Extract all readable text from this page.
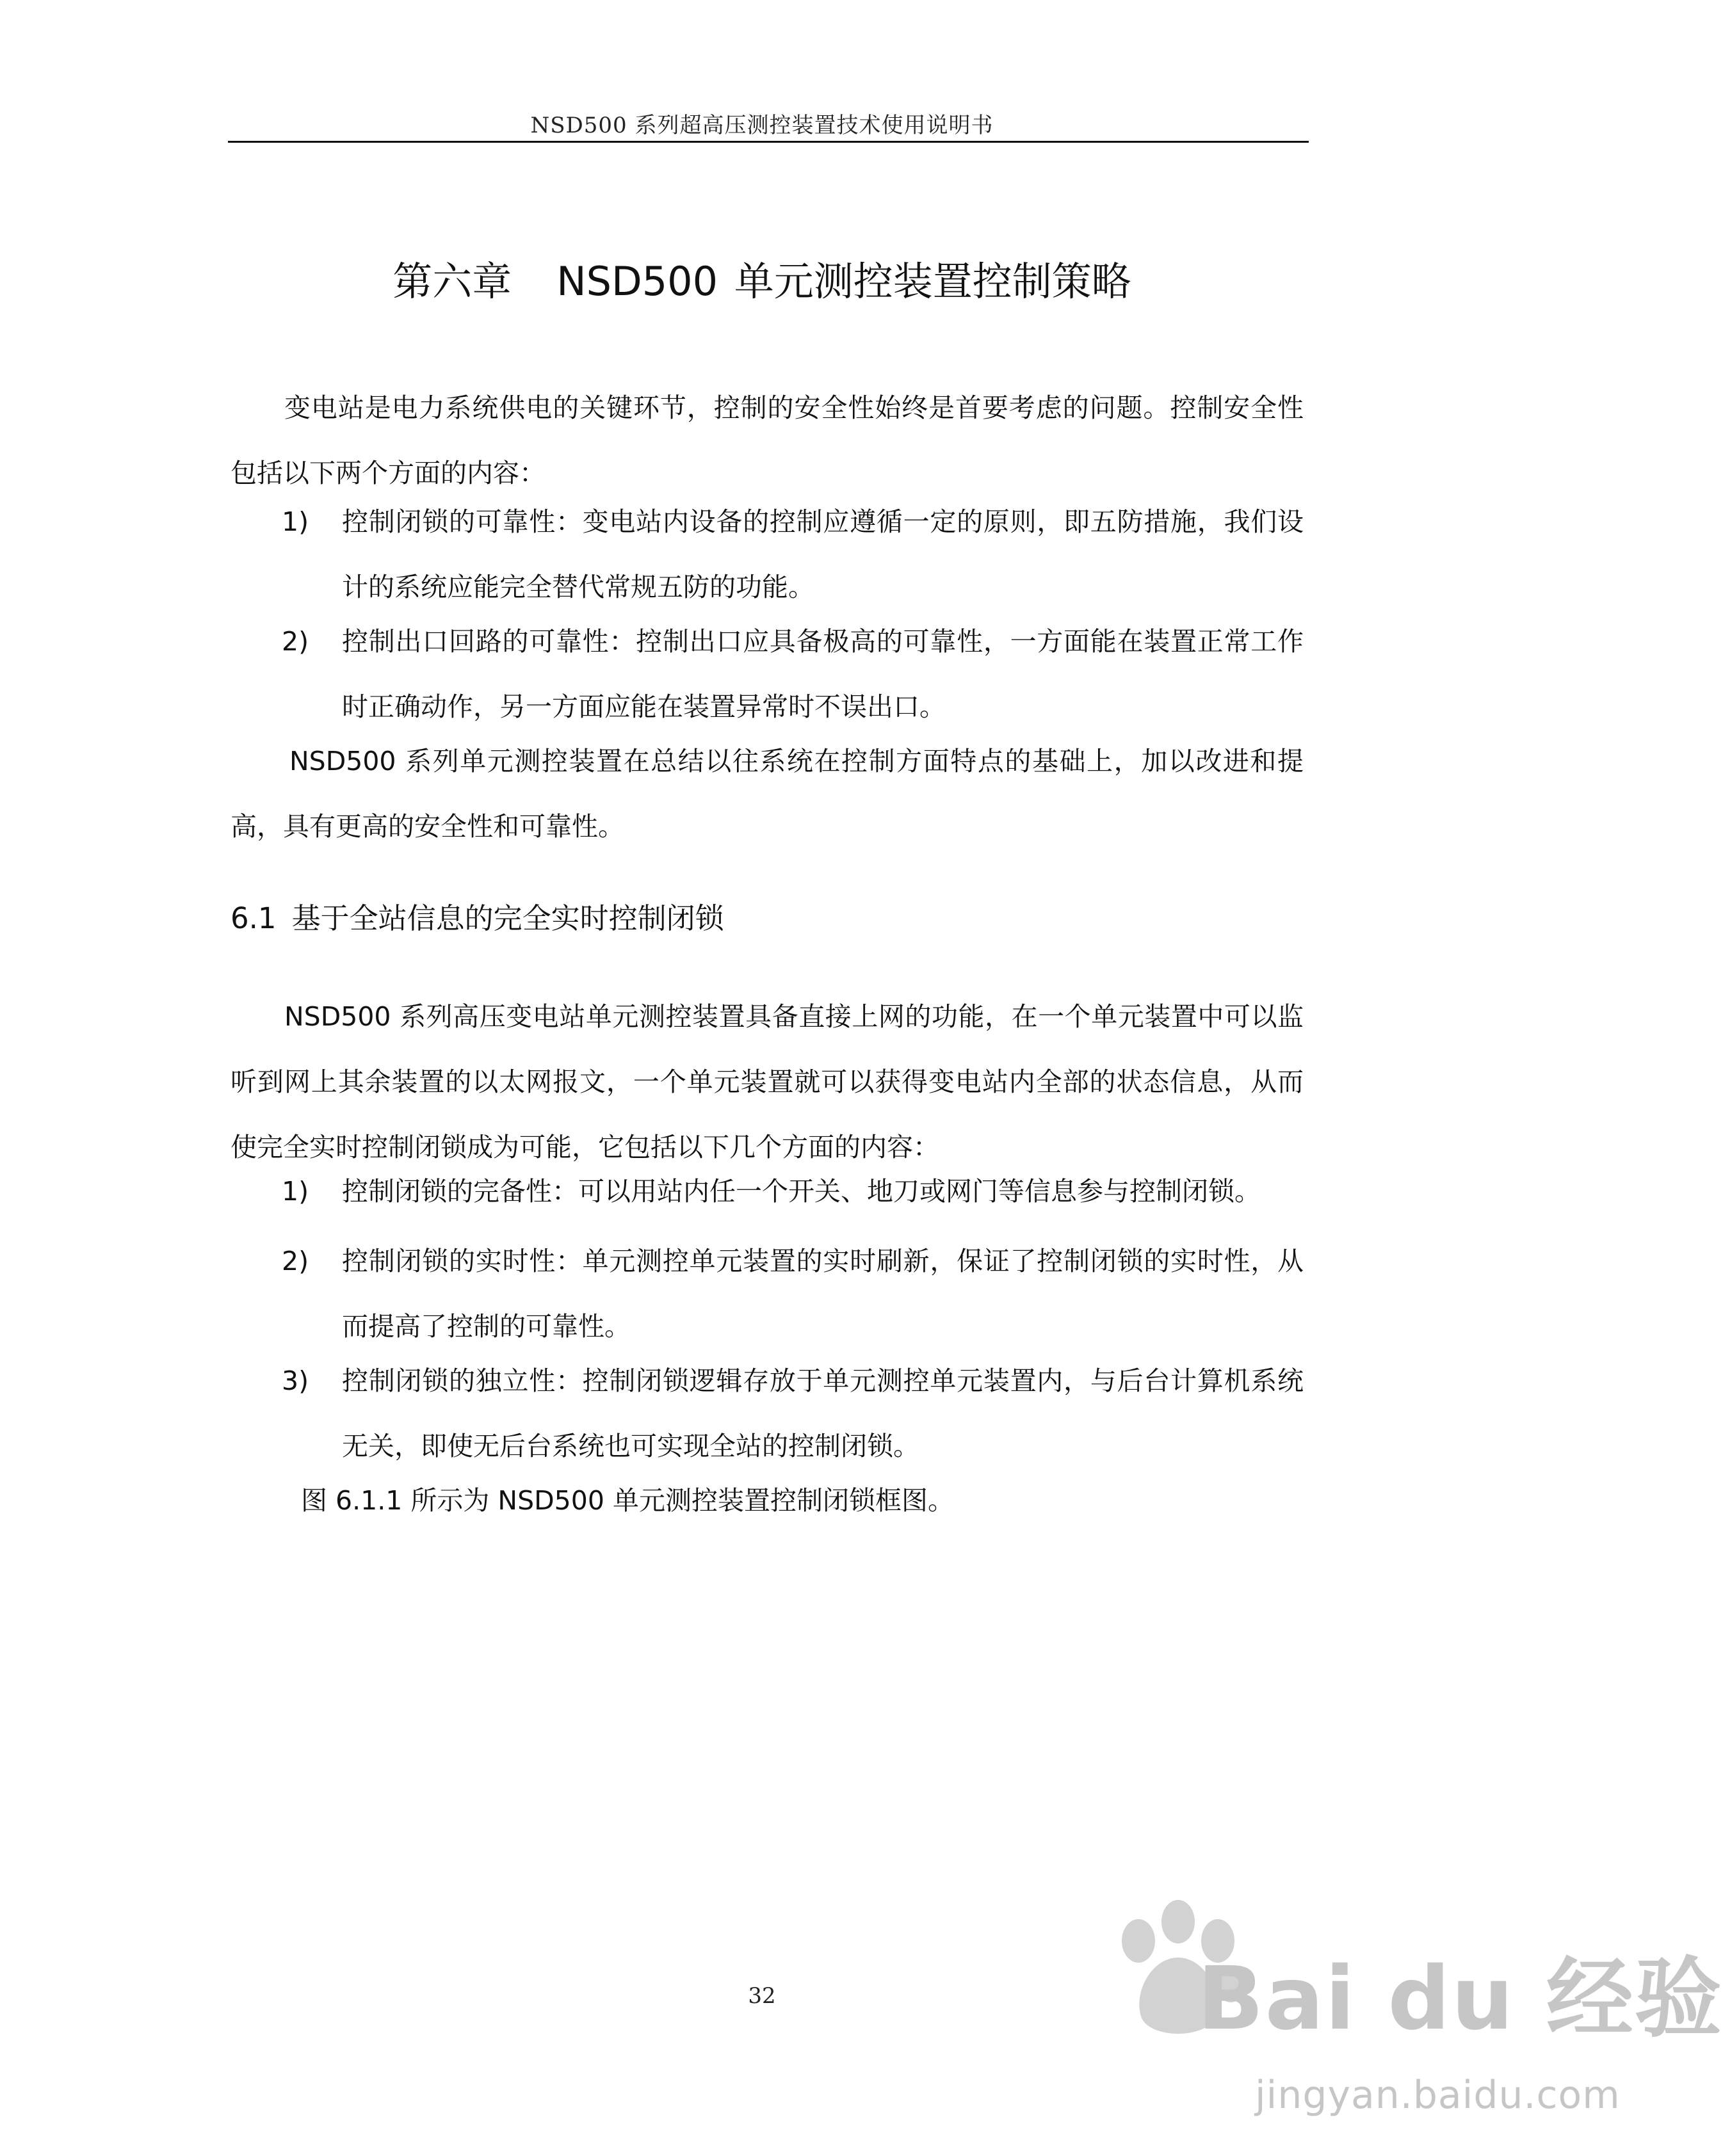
NSD500 系列超高压测控装置技术使用说明书
第六章 NSD500 单元测控装置控制策略
变电站是电力系统供电的关键环节，控制的安全性始终是首要考虑的问题。控制安全性包括以下两个方面的内容：
1)	控制闭锁的可靠性：变电站内设备的控制应遵循一定的原则，即五防措施，我们设计的系统应能完全替代常规五防的功能。
2)	控制出口回路的可靠性：控制出口应具备极高的可靠性，一方面能在装置正常工作时正确动作，另一方面应能在装置异常时不误出口。
NSD500 系列单元测控装置在总结以往系统在控制方面特点的基础上，加以改进和提高，具有更高的安全性和可靠性。
6.1 基于全站信息的完全实时控制闭锁
NSD500 系列高压变电站单元测控装置具备直接上网的功能，在一个单元装置中可以监听到网上其余装置的以太网报文，一个单元装置就可以获得变电站内全部的状态信息，从而使完全实时控制闭锁成为可能，它包括以下几个方面的内容：
1)	控制闭锁的完备性：可以用站内任一个开关、地刀或网门等信息参与控制闭锁。
2)	控制闭锁的实时性：单元测控单元装置的实时刷新，保证了控制闭锁的实时性，从而提高了控制的可靠性。
3)	控制闭锁的独立性：控制闭锁逻辑存放于单元测控单元装置内，与后台计算机系统无关，即使无后台系统也可实现全站的控制闭锁。
图 6.1.1 所示为 NSD500 单元测控装置控制闭锁框图。
32	Bai du 经验
jingyan.baidu.com
